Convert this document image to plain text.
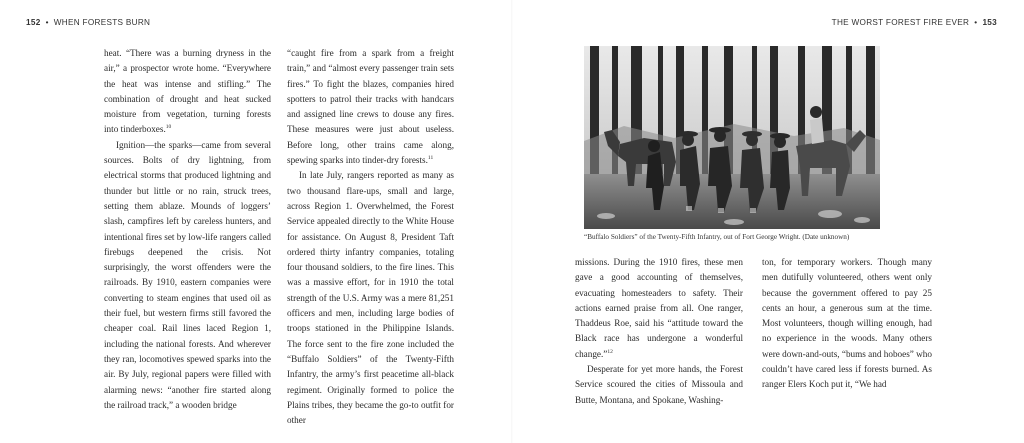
152 • WHEN FORESTS BURN

heat. “There was a burning dryness in the air,” a prospector wrote home. “Everywhere the heat was intense and stifling.” The combination of drought and heat sucked moisture from vegetation, turning forests into tinderboxes.$^{10}$

Ignition—the sparks—came from several sources. Bolts of dry lightning, from electrical storms that produced lightning and thunder but little or no rain, struck trees, setting them ablaze. Mounds of loggers’ slash, campfires left by careless hunters, and intentional fires set by low-life rangers called firebugs deepened the crisis. Not surprisingly, the worst offenders were the railroads. By 1910, eastern companies were converting to steam engines that used oil as their fuel, but western firms still favored the cheaper coal. Rail lines laced Region 1, including the national forests. And wherever they ran, locomotives spewed sparks into the air. By July, regional papers were filled with alarming news: “another fire started along the railroad track,” a wooden bridge

“caught fire from a spark from a freight train,” and “almost every passenger train sets fires.” To fight the blazes, companies hired spotters to patrol their tracks with handcars and assigned line crews to douse any fires. These measures were just about useless. Before long, other trains came along, spewing sparks into tinder-dry forests.$^{11}$

In late July, rangers reported as many as two thousand flare-ups, small and large, across Region 1. Overwhelmed, the Forest Service appealed directly to the White House for assistance. On August 8, President Taft ordered thirty infantry companies, totaling four thousand soldiers, to the fire lines. This was a massive effort, for in 1910 the total strength of the U.S. Army was a mere 81,251 officers and men, including large bodies of troops stationed in the Philippine Islands. The force sent to the fire zone included the “Buffalo Soldiers” of the Twenty-Fifth Infantry, the army’s first peacetime all-black regiment. Originally formed to police the Plains tribes, they became the go-to outfit for other

THE WORST FOREST FIRE EVER • 153
“Buffalo Soldiers” of the Twenty-Fifth Infantry, out of Fort George Wright. (Date unknown)

missions. During the 1910 fires, these men gave a good accounting of themselves, evacuating homesteaders to safety. Their actions earned praise from all. One ranger, Thaddeus Roe, said his “attitude toward the Black race has undergone a wonderful change.”$^{12}$

Desperate for yet more hands, the Forest Service scoured the cities of Missoula and Butte, Montana, and Spokane, Washing-

ton, for temporary workers. Though many men dutifully volunteered, others went only because the government offered to pay 25 cents an hour, a generous sum at the time. Most volunteers, though willing enough, had no experience in the woods. Many others were down-and-outs, “bums and hoboes” who couldn’t have cared less if forests burned. As ranger Elers Koch put it, “We had
